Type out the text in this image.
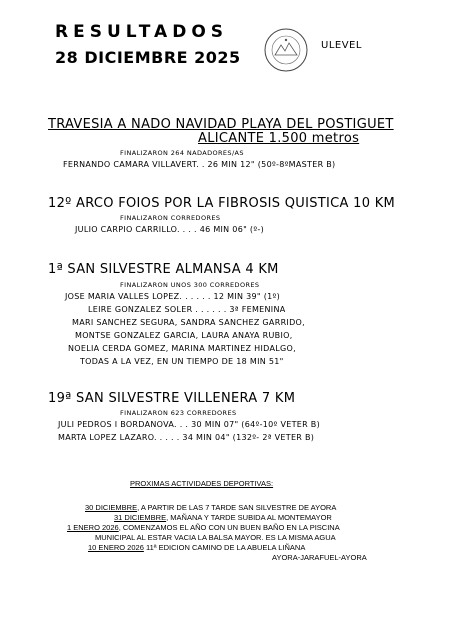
RESULTADOS
28 DICIEMBRE 2025
ULEVEL
TRAVESIA A NADO NAVIDAD PLAYA DEL POSTIGUET
ALICANTE 1.500 metros
FINALIZARON 264 NADADORES/AS
FERNANDO CAMARA VILLAVERT. . 26 MIN 12" (50º-8ºMASTER B)
12º ARCO FOIOS POR LA FIBROSIS QUISTICA 10 KM
FINALIZARON CORREDORES
JULIO CARPIO CARRILLO. . . . 46 MIN 06" (º-)
1ª SAN SILVESTRE ALMANSA 4 KM
FINALIZARON UNOS 300 CORREDORES
JOSE MARIA VALLES LOPEZ. . . . . . 12 MIN 39" (1º)
LEIRE GONZALEZ SOLER . . . . . . 3ª FEMENINA
MARI SANCHEZ SEGURA, SANDRA SANCHEZ GARRIDO,
MONTSE GONZALEZ GARCIA, LAURA ANAYA RUBIO,
NOELIA CERDA GOMEZ, MARINA MARTINEZ HIDALGO,
TODAS A LA VEZ, EN UN TIEMPO DE 18 MIN 51"
19ª SAN SILVESTRE VILLENERA 7 KM
FINALIZARON 623 CORREDORES
JULI PEDROS I BORDANOVA. . . 30 MIN 07" (64º-10º VETER B)
MARTA LOPEZ LAZARO. . . . . 34 MIN 04" (132º- 2ª VETER B)
PROXIMAS ACTIVIDADES DEPORTIVAS:
30 DICIEMBRE, A PARTIR DE LAS 7 TARDE SAN SILVESTRE DE AYORA
31 DICIEMBRE, MAÑANA Y TARDE SUBIDA AL MONTEMAYOR
1 ENERO 2026, COMENZAMOS EL AÑO CON UN BUEN BAÑO EN LA PISCINA
MUNICIPAL AL ESTAR VACIA LA BALSA MAYOR. ES LA MISMA AGUA
10 ENERO 2026 11ª EDICION CAMINO DE LA ABUELA LIÑANA
AYORA-JARAFUEL-AYORA
